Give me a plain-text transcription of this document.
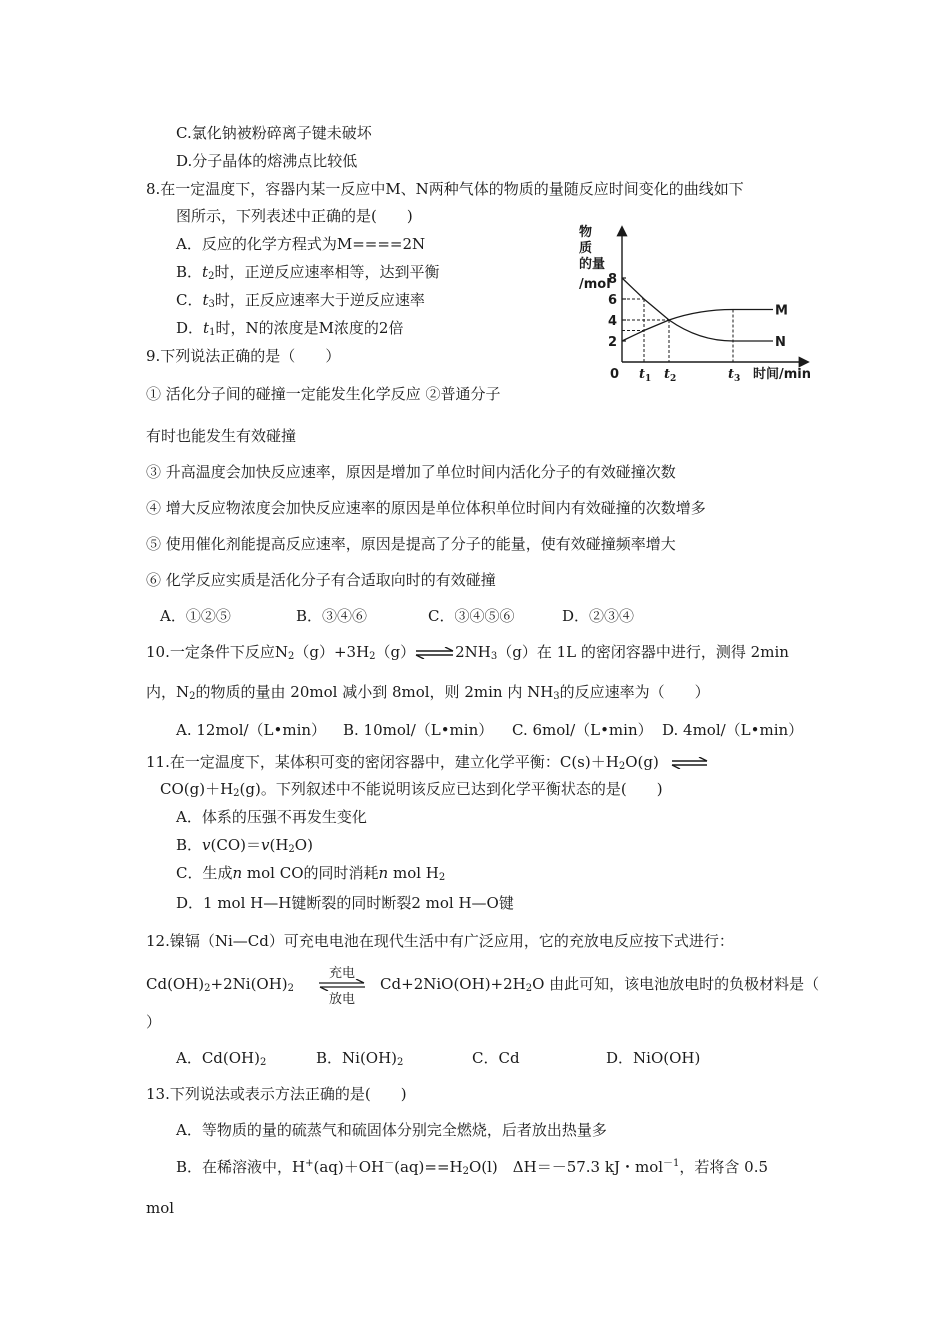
C.氯化钠被粉碎离子键未破坏
D.分子晶体的熔沸点比较低
8.在一定温度下，容器内某一反应中M、N两种气体的物质的量随反应时间变化的曲线如下
图所示，下列表述中正确的是(　　)
A．反应的化学方程式为M====2N
B．$t_2$时，正逆反应速率相等，达到平衡
C．$t_3$时，正反应速率大于逆反应速率
D．$t_1$时，N的浓度是M浓度的2倍
物
质
的量
/mol
2
4
6
8
0 $t_1$ $t_2$	$t_3$ 时间/min
M
N
9.下列说法正确的是（　　）
① 活化分子间的碰撞一定能发生化学反应 ②普通分子
有时也能发生有效碰撞
③ 升高温度会加快反应速率，原因是增加了单位时间内活化分子的有效碰撞次数
④ 增大反应物浓度会加快反应速率的原因是单位体积单位时间内有效碰撞的次数增多
⑤ 使用催化剂能提高反应速率，原因是提高了分子的能量，使有效碰撞频率增大
⑥ 化学反应实质是活化分子有合适取向时的有效碰撞
A．①②⑤	B．③④⑥	C．③④⑤⑥	D．②③④
10.一定条件下反应$N_2(g)+3H_2(g)\rightleftharpoons 2NH_3(g)$在 1L 的密闭容器中进行，测得 2min
内，$N_2$的物质的量由 20mol 减小到 8mol，则 2min 内 $NH_3$的反应速率为（　　）
A. 12mol/（L•min） B. 10mol/（L•min） C. 6mol/（L•min） D. 4mol/（L•min）
11.在一定温度下，某体积可变的密闭容器中，建立化学平衡：$C(s)+H_2O(g)$ ⇌
$CO(g)+H_2(g)$。下列叙述中不能说明该反应已达到化学平衡状态的是(　　)
A．体系的压强不再发生变化
B．$v(CO)=v(H_2O)$
C．生成n mol CO的同时消耗n mol $H_2$
D．1 mol H—H键断裂的同时断裂2 mol H—O键
12.镍镉（Ni—Cd）可充电电池在现代生活中有广泛应用，它的充放电反应按下式进行：
$Cd(OH)_2+2Ni(OH)_2$
充电
放电
$Cd+2NiO(OH)+2H_2O$ 由此可知，该电池放电时的负极材料是（
）
A．$Cd(OH)_2$	B．$Ni(OH)_2$	C．Cd	D．NiO(OH)
13.下列说法或表示方法正确的是(　　)
A．等物质的量的硫蒸气和硫固体分别完全燃烧，后者放出热量多
B．在稀溶液中，$H^+(aq)+OH^-(aq)==H_2O(l)$　ΔH＝－57.3 kJ・mol$^{-1}$，若将含 0.5
mol
